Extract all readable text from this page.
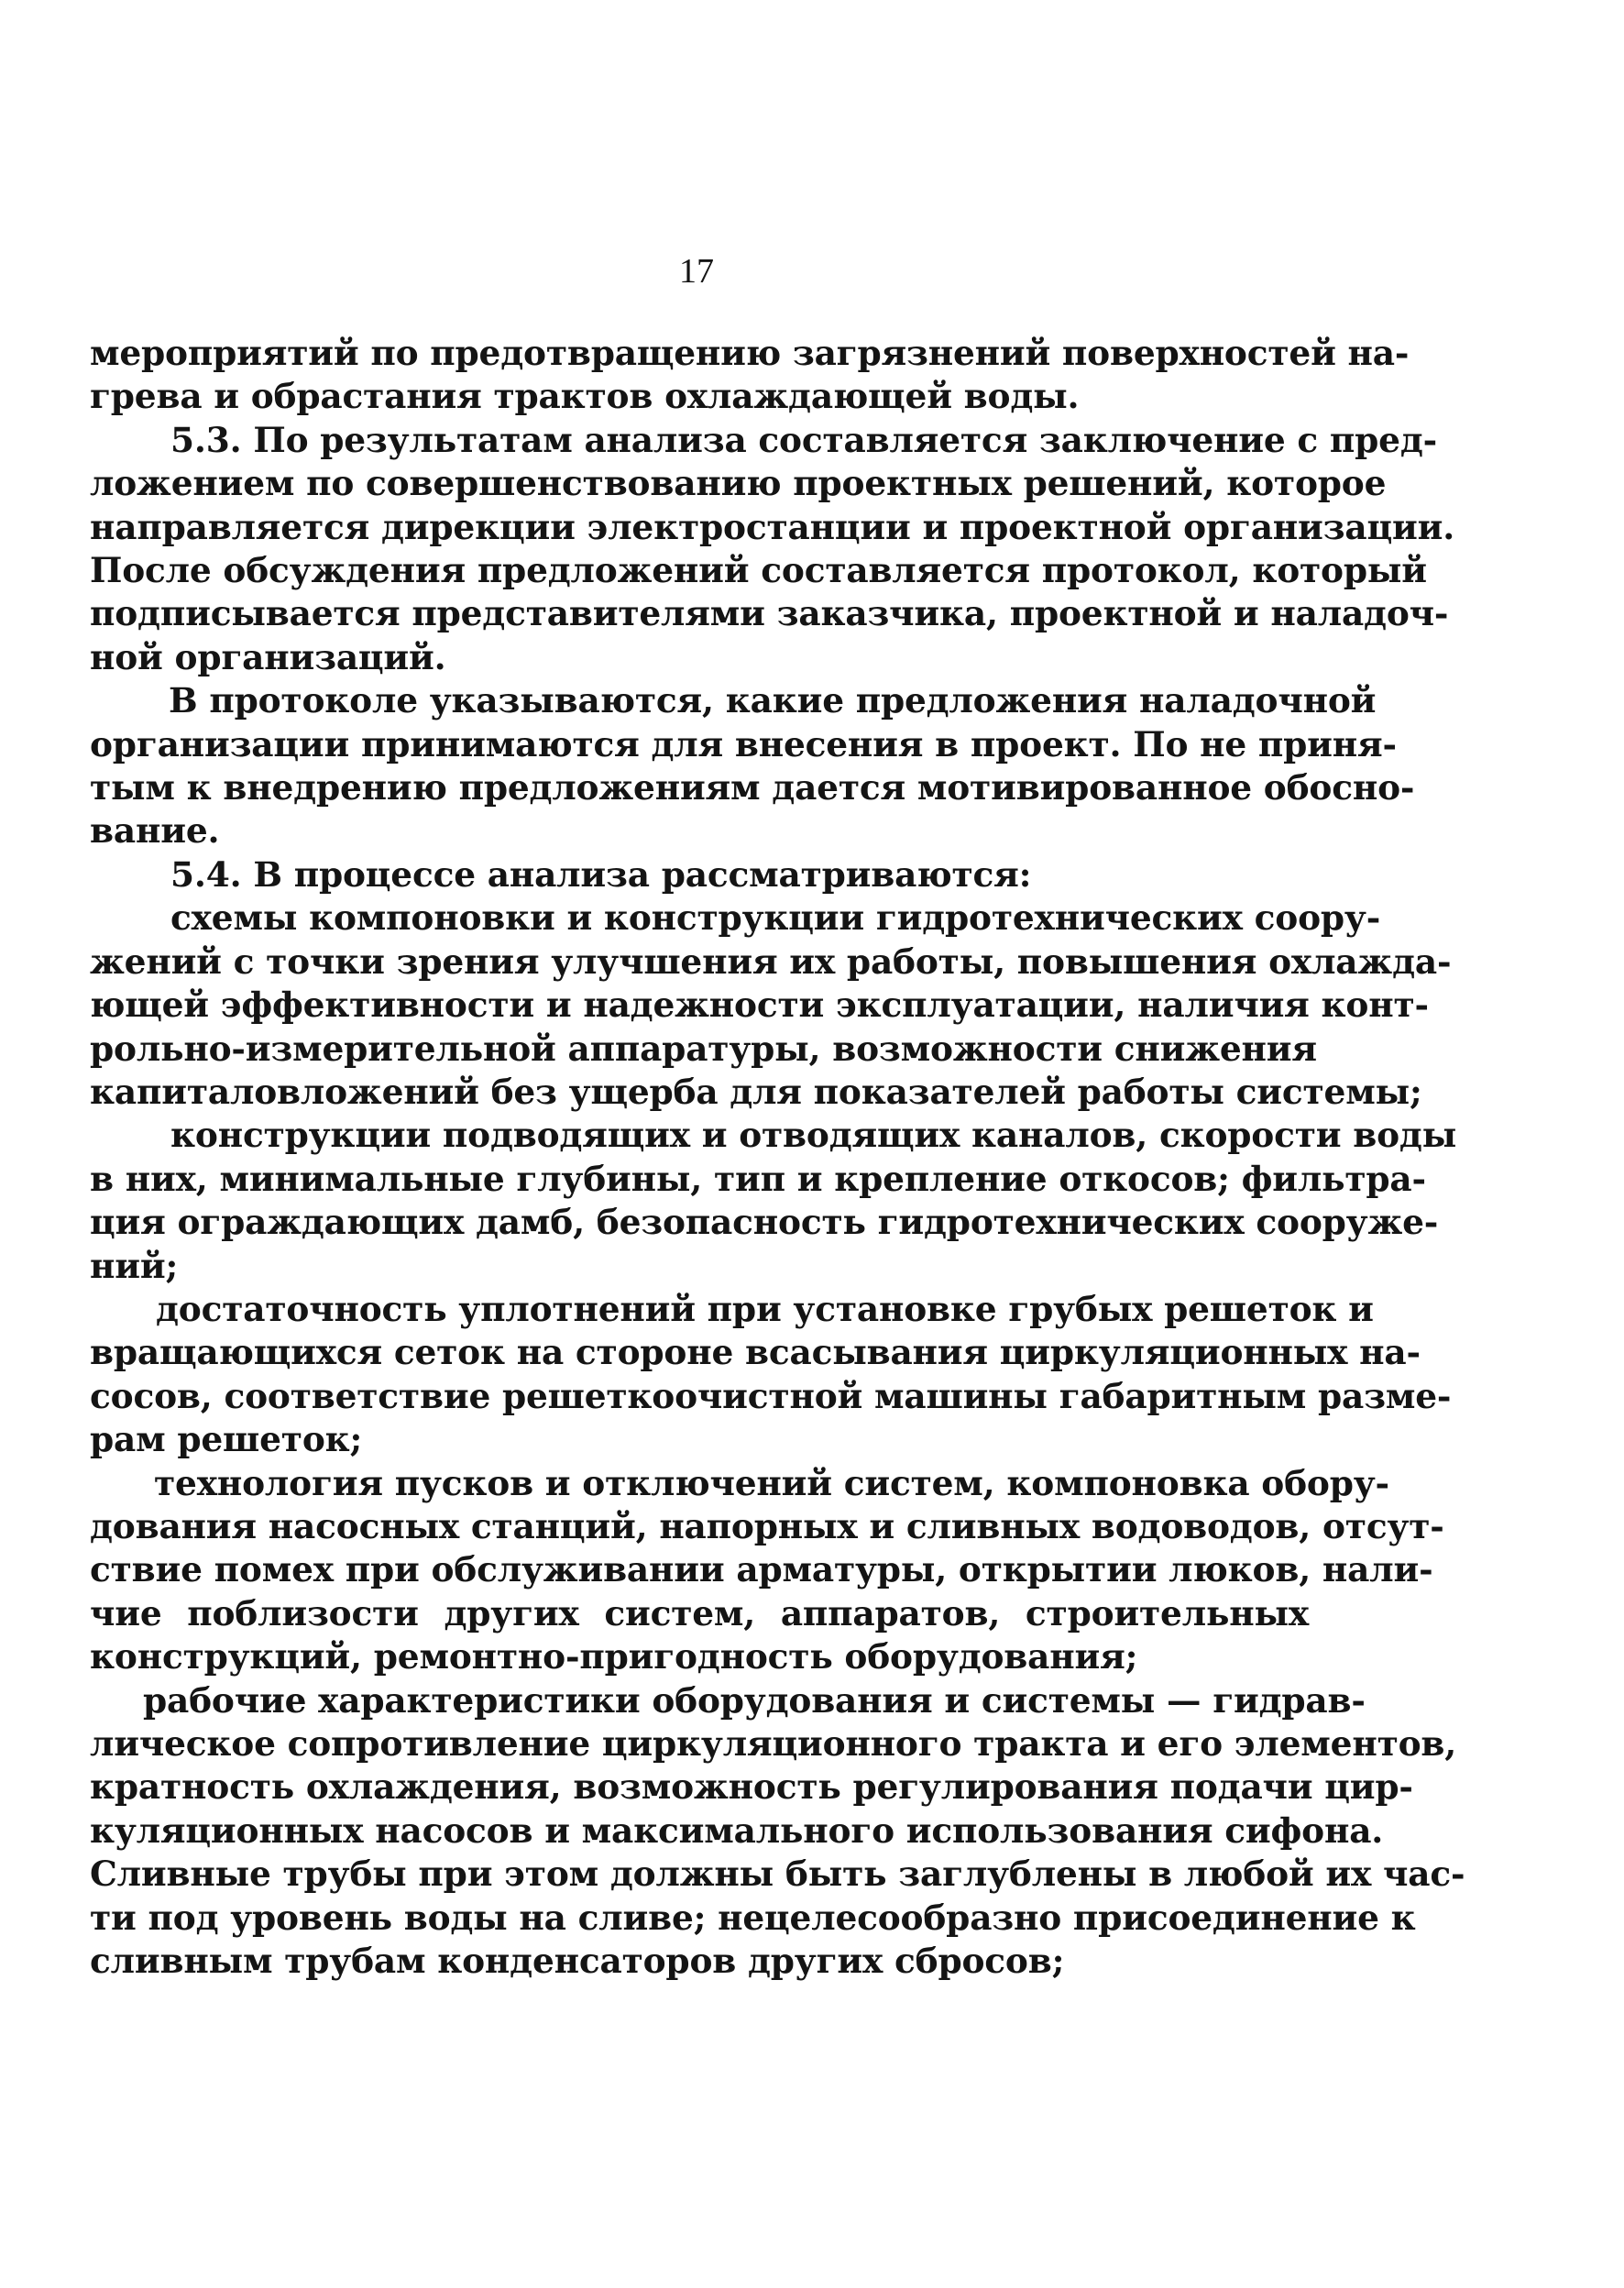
17

мероприятий по предотвращению загрязнений поверхностей на-

грева и обрастания трактов охлаждающей воды.

5.3. По результатам анализа составляется заключение с пред-

ложением по совершенствованию проектных решений, которое

направляется дирекции электростанции и проектной организации.

После обсуждения предложений составляется протокол, который

подписывается представителями заказчика, проектной и наладоч-

ной организаций.

В протоколе указываются, какие предложения наладочной

организации принимаются для внесения в проект. По не приня-

тым к внедрению предложениям дается мотивированное обосно-

вание.

5.4. В процессе анализа рассматриваются:

схемы компоновки и конструкции гидротехнических соору-

жений с точки зрения улучшения их работы, повышения охлажда-

ющей эффективности и надежности эксплуатации, наличия конт-

рольно-измерительной аппаратуры, возможности снижения

капиталовложений без ущерба для показателей работы системы;

конструкции подводящих и отводящих каналов, скорости воды

в них, минимальные глубины, тип и крепление откосов; фильтра-

ция ограждающих дамб, безопасность гидротехнических сооруже-

ний;

достаточность уплотнений при установке грубых решеток и

вращающихся сеток на стороне всасывания циркуляционных на-

сосов, соответствие решеткоочистной машины габаритным разме-

рам решеток;

технология пусков и отключений систем, компоновка обору-

дования насосных станций, напорных и сливных водоводов, отсут-

ствие помех при обслуживании арматуры, открытии люков, нали-

чие поблизости других систем, аппаратов, строительных

конструкций, ремонтно-пригодность оборудования;

рабочие характеристики оборудования и системы — гидрав-

лическое сопротивление циркуляционного тракта и его элементов,

кратность охлаждения, возможность регулирования подачи цир-

куляционных насосов и максимального использования сифона.

Сливные трубы при этом должны быть заглублены в любой их час-

ти под уровень воды на сливе; нецелесообразно присоединение к

сливным трубам конденсаторов других сбросов;
